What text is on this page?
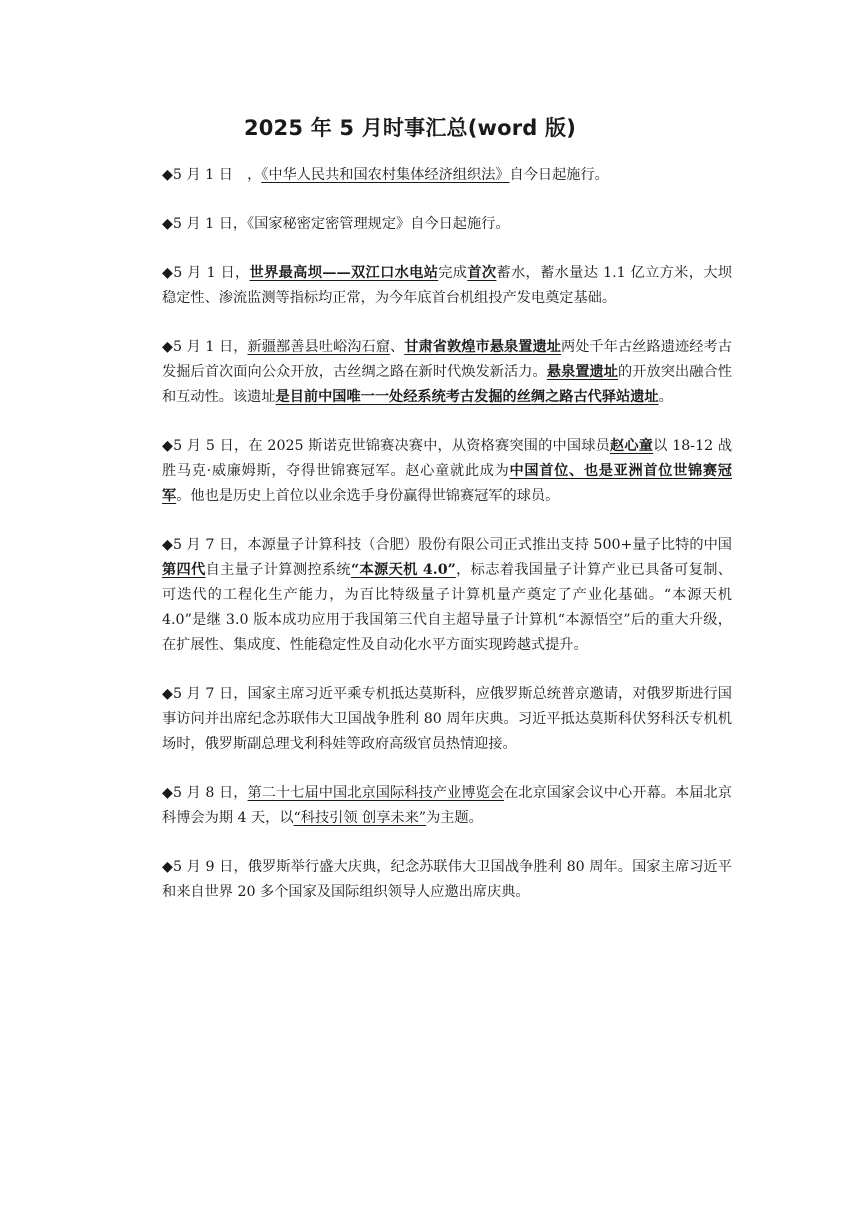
2025 年 5 月时事汇总(word 版)

◆5 月 1 日　，《中华人民共和国农村集体经济组织法》自今日起施行。

◆5 月 1 日，《国家秘密定密管理规定》自今日起施行。

◆5 月 1 日，世界最高坝——双江口水电站完成首次蓄水，蓄水量达 1.1 亿立方米，大坝稳定性、渗流监测等指标均正常，为今年底首台机组投产发电奠定基础。

◆5 月 1 日，新疆鄯善县吐峪沟石窟、甘肃省敦煌市悬泉置遗址两处千年古丝路遗迹经考古发掘后首次面向公众开放，古丝绸之路在新时代焕发新活力。悬泉置遗址的开放突出融合性和互动性。该遗址是目前中国唯一一处经系统考古发掘的丝绸之路古代驿站遗址。

◆5 月 5 日，在 2025 斯诺克世锦赛决赛中，从资格赛突围的中国球员赵心童以 18-12 战胜马克·威廉姆斯，夺得世锦赛冠军。赵心童就此成为中国首位、也是亚洲首位世锦赛冠军。他也是历史上首位以业余选手身份赢得世锦赛冠军的球员。

◆5 月 7 日，本源量子计算科技（合肥）股份有限公司正式推出支持 500+量子比特的中国第四代自主量子计算测控系统“本源天机 4.0”，标志着我国量子计算产业已具备可复制、可迭代的工程化生产能力，为百比特级量子计算机量产奠定了产业化基础。“本源天机 4.0”是继 3.0 版本成功应用于我国第三代自主超导量子计算机“本源悟空”后的重大升级，在扩展性、集成度、性能稳定性及自动化水平方面实现跨越式提升。

◆5 月 7 日，国家主席习近平乘专机抵达莫斯科，应俄罗斯总统普京邀请，对俄罗斯进行国事访问并出席纪念苏联伟大卫国战争胜利 80 周年庆典。习近平抵达莫斯科伏努科沃专机机场时，俄罗斯副总理戈利科娃等政府高级官员热情迎接。

◆5 月 8 日，第二十七届中国北京国际科技产业博览会在北京国家会议中心开幕。本届北京科博会为期 4 天，以“科技引领 创享未来”为主题。

◆5 月 9 日，俄罗斯举行盛大庆典，纪念苏联伟大卫国战争胜利 80 周年。国家主席习近平和来自世界 20 多个国家及国际组织领导人应邀出席庆典。
